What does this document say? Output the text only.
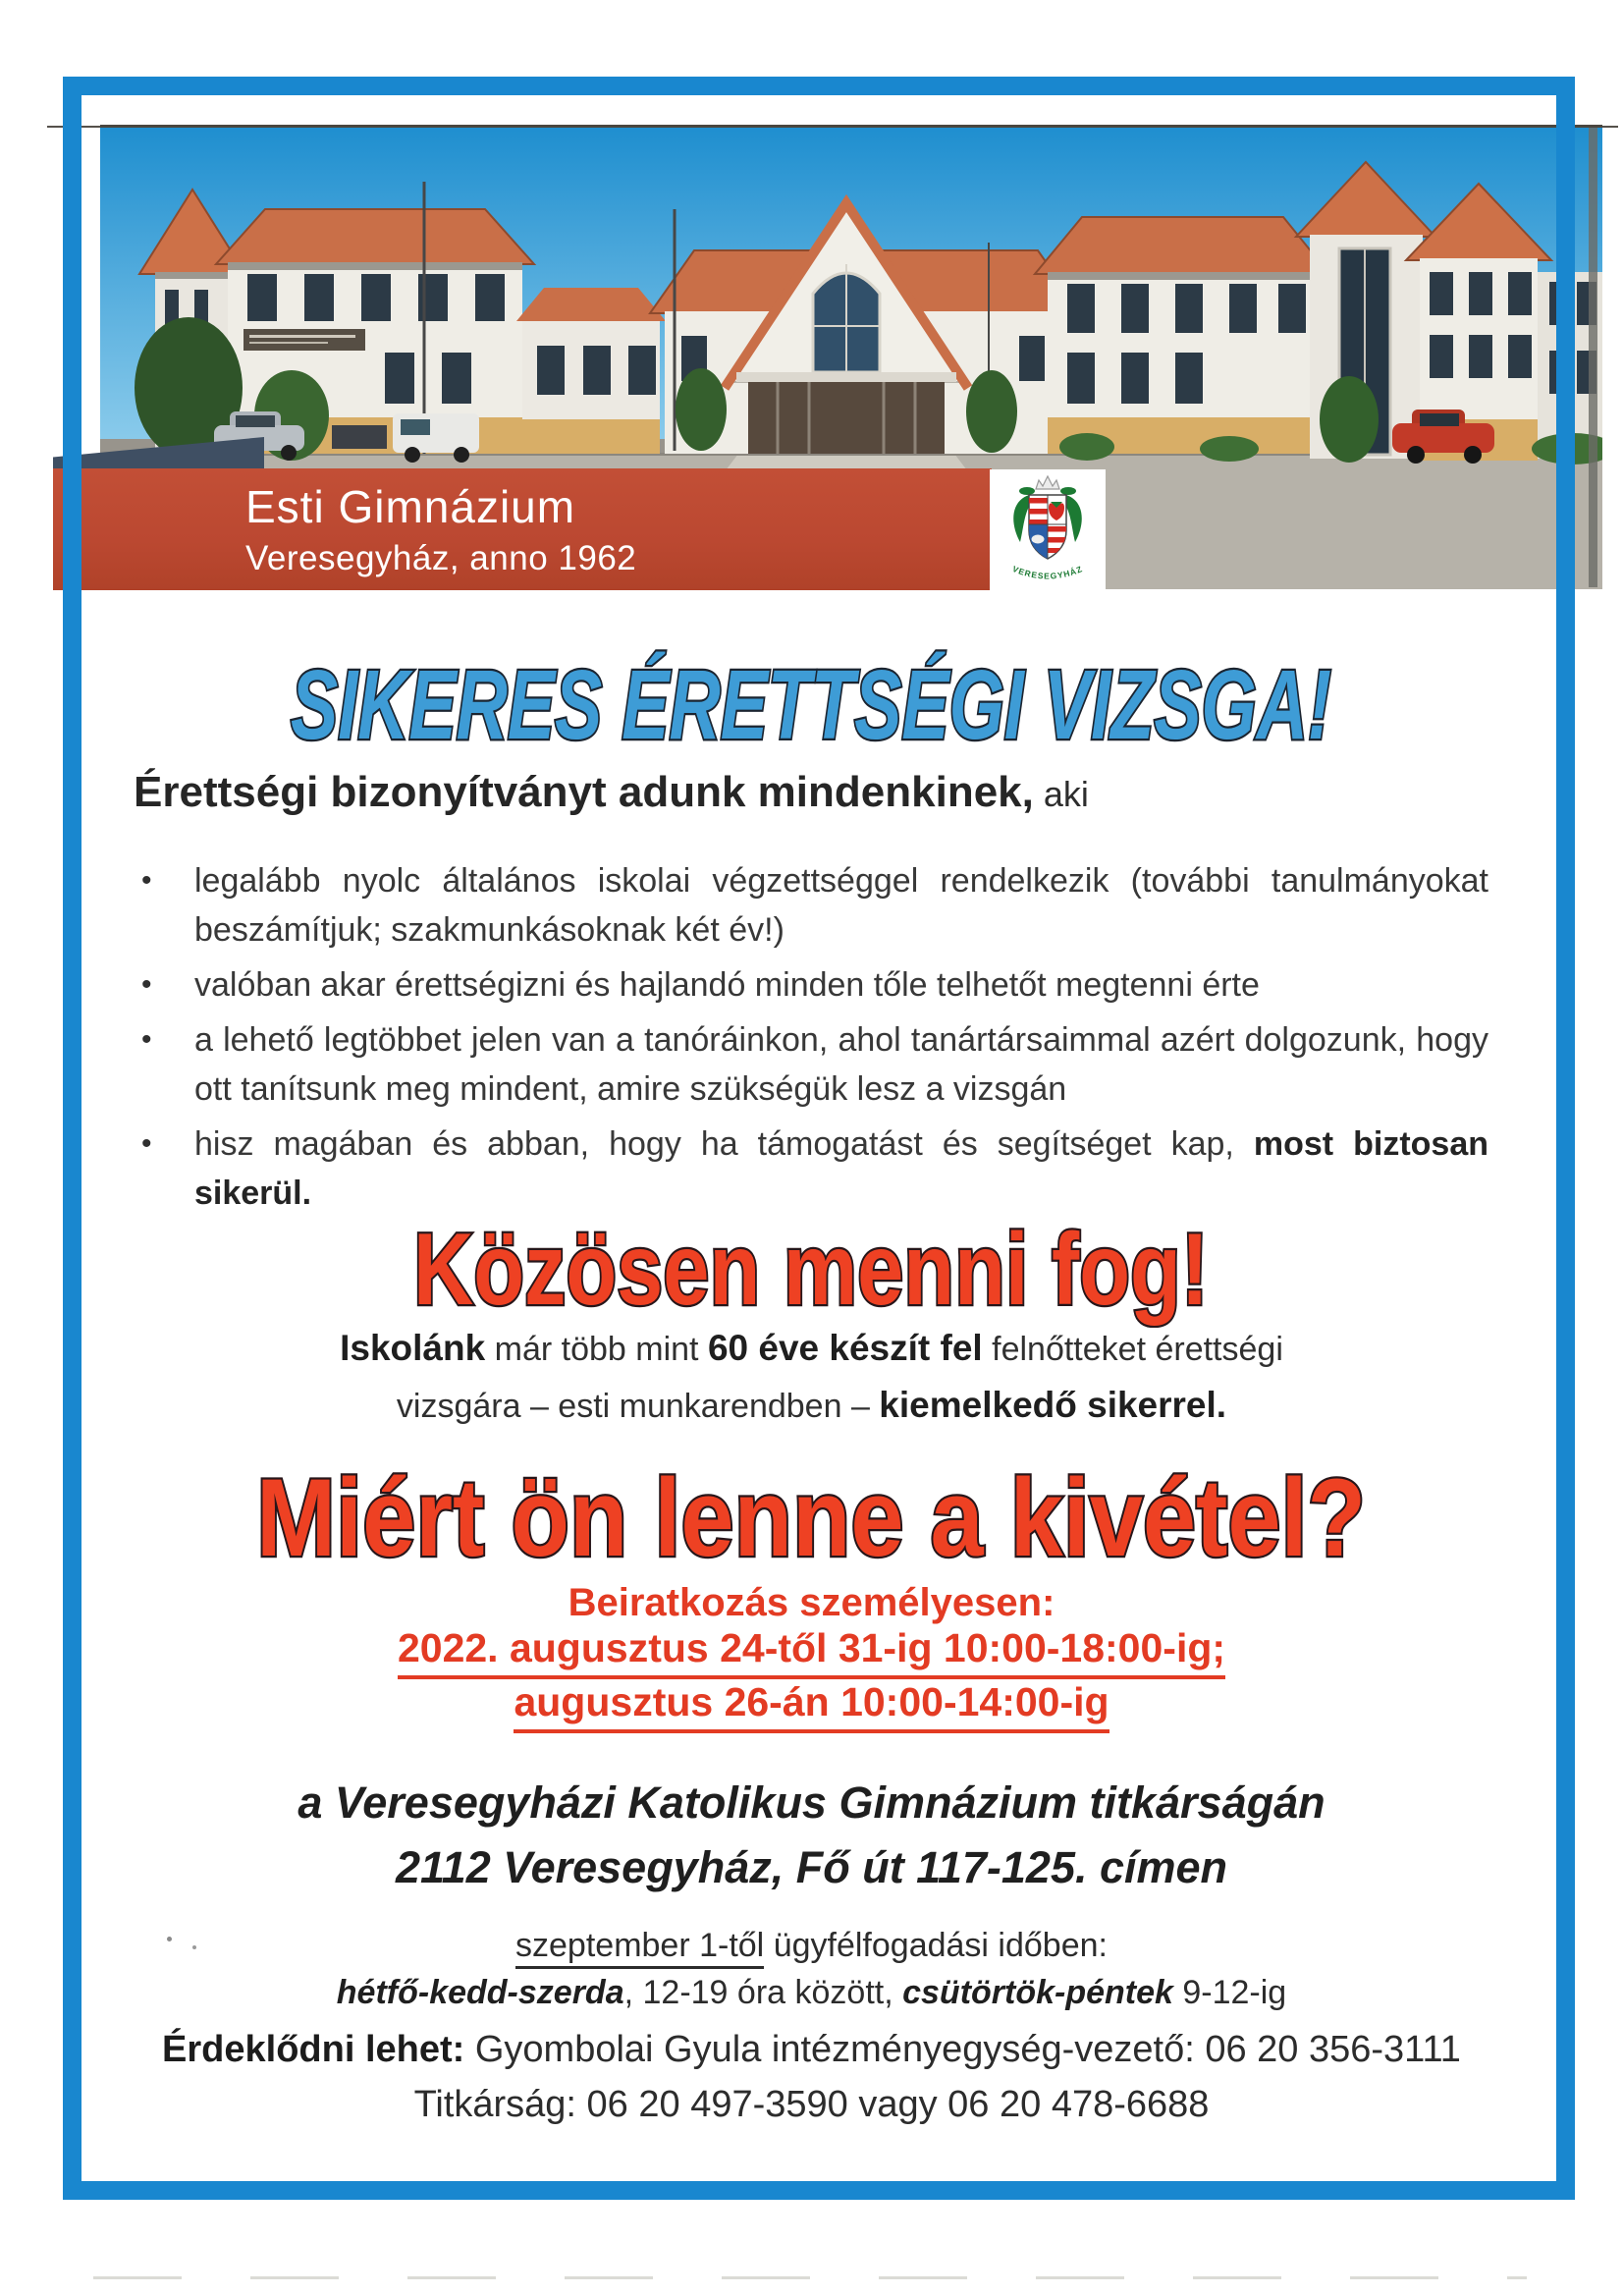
Esti Gimnázium
Veresegyház, anno 1962	VERESEGYHÁZ
SIKERES ÉRETTSÉGI VIZSGA!
Érettségi bizonyítványt adunk mindenkinek, aki
•	legalább nyolc általános iskolai végzettséggel rendelkezik (további tanulmányokat beszámítjuk; szakmunkásoknak két év!)
•	valóban akar érettségizni és hajlandó minden tőle telhetőt megtenni érte
•	a lehető legtöbbet jelen van a tanóráinkon, ahol tanártársaimmal azért dolgozunk, hogy ott tanítsunk meg mindent, amire szükségük lesz a vizsgán
•	hisz magában és abban, hogy ha támogatást és segítséget kap, most biztosan sikerül.
Közösen menni fog!
Iskolánk már több mint 60 éve készít fel felnőtteket érettségi
vizsgára – esti munkarendben – kiemelkedő sikerrel.
Miért ön lenne a kivétel?
Beiratkozás személyesen:
2022. augusztus 24-től 31-ig 10:00-18:00-ig;
augusztus 26-án 10:00-14:00-ig
a Veresegyházi Katolikus Gimnázium titkárságán
2112 Veresegyház, Fő út 117-125. címen
szeptember 1-től ügyfélfogadási időben:
hétfő-kedd-szerda, 12-19 óra között, csütörtök-péntek 9-12-ig
Érdeklődni lehet: Gyombolai Gyula intézményegység-vezető: 06 20 356-3111
Titkárság: 06 20 497-3590 vagy 06 20 478-6688
